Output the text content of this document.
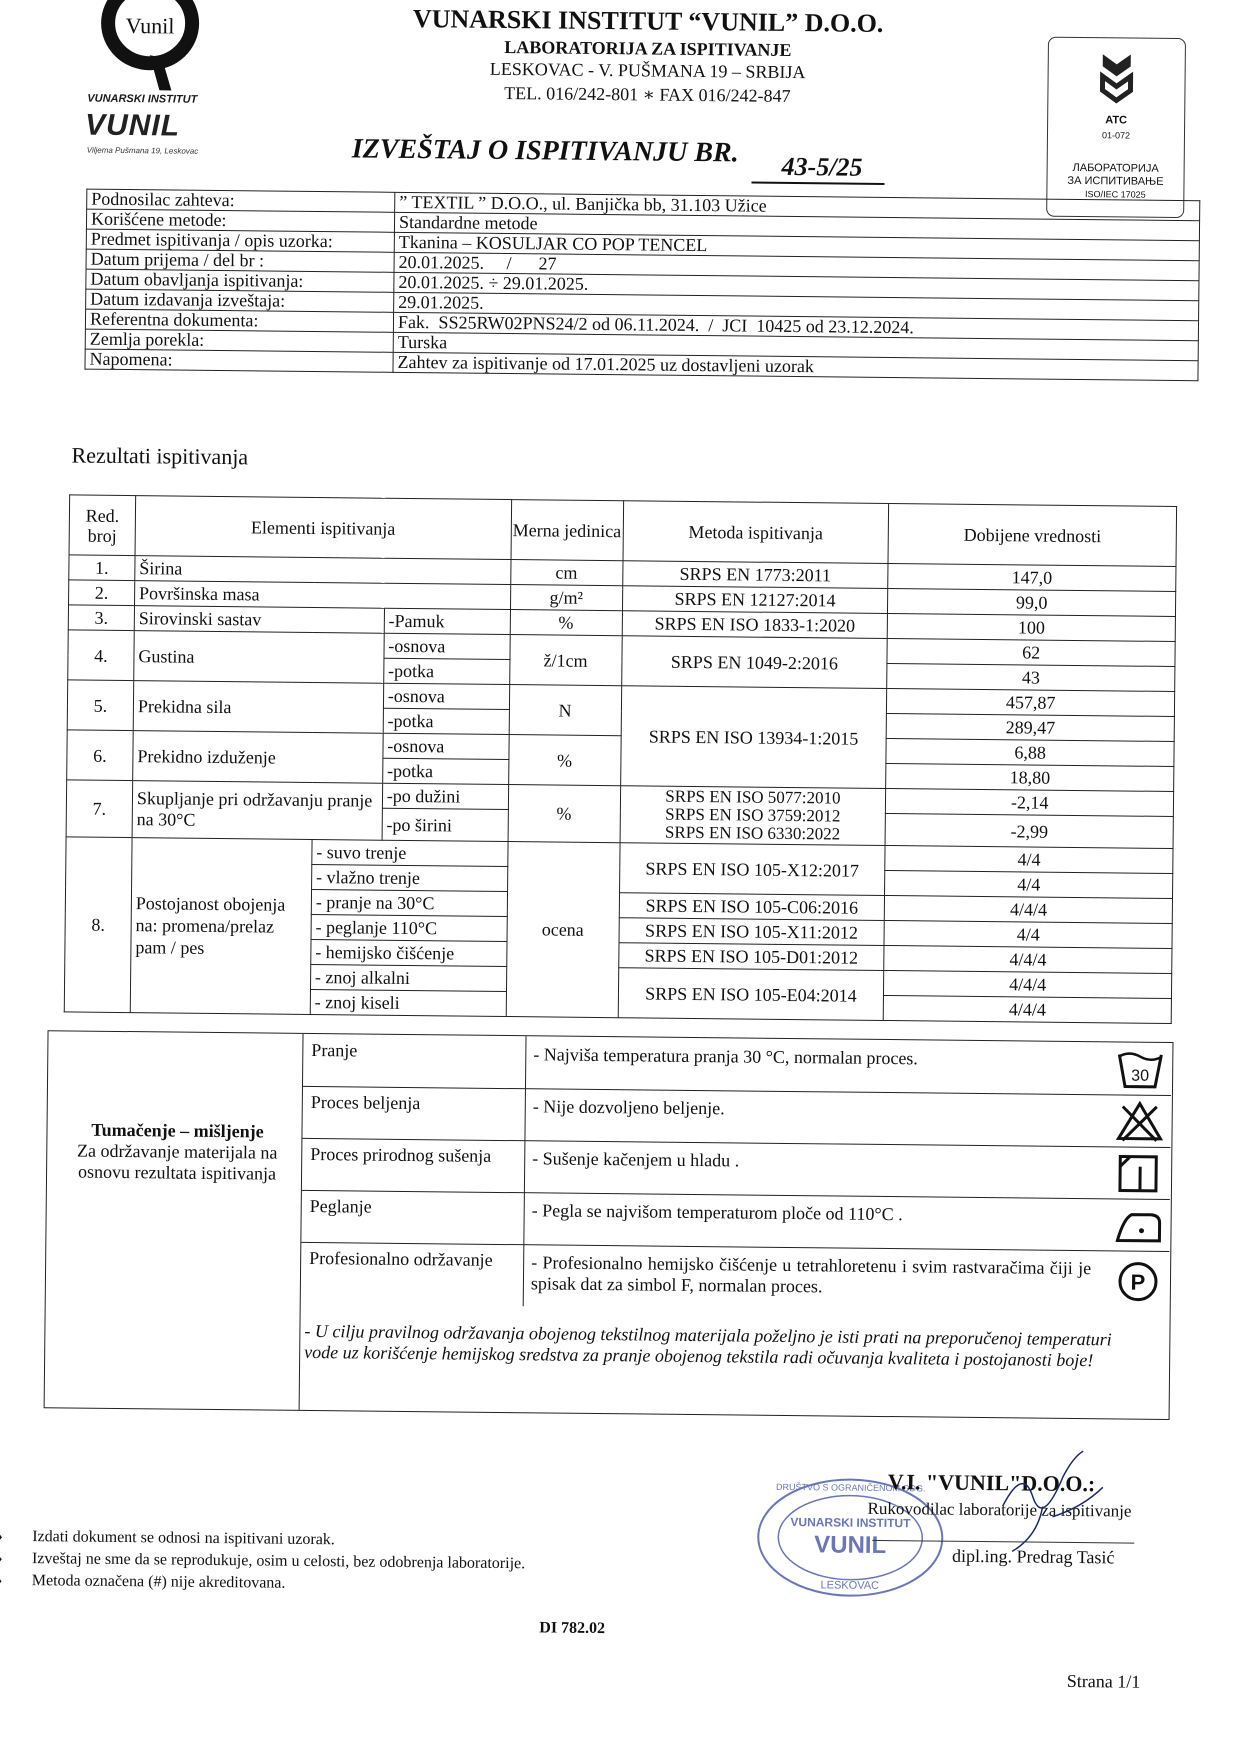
Vunil
VUNARSKI INSTITUT
VUNIL
Viljema Pušmana 19, Leskovac
VUNARSKI INSTITUT “VUNIL” D.O.O.
LABORATORIJA ZA ISPITIVANJE
LESKOVAC - V. PUŠMANA 19 – SRBIJA
TEL. 016/242-801 ∗ FAX 016/242-847
IZVEŠTAJ O ISPITIVANJU BR.	43-5/25
ATC
01-072
ЛАБОРАТОРИЈА
ЗА ИСПИТИВАЊЕ
ISO/IEC 17025
Podnosilac zahteva:	” TEXTIL ” D.O.O., ul. Banjička bb, 31.103 Užice
Korišćene metode:	Standardne metode
Predmet ispitivanja / opis uzorka:	Tkanina – KOSULJAR CO POP TENCEL
Datum prijema / del br :	20.01.2025.     /      27
Datum obavljanja ispitivanja:	20.01.2025. ÷ 29.01.2025.
Datum izdavanja izveštaja:	29.01.2025.
Referentna dokumenta:	Fak.  SS25RW02PNS24/2 od 06.11.2024.  /  JCI  10425 od 23.12.2024.
Zemlja porekla:	Turska
Napomena:	Zahtev za ispitivanje od 17.01.2025 uz dostavljeni uzorak
Rezultati ispitivanja
Red. broj	Elementi ispitivanja			Merna jedinica	Metoda ispitivanja	Dobijene vrednosti
1.	Širina			cm	SRPS EN 1773:2011	147,0
2.	Površinska masa			g/m²	SRPS EN 12127:2014	99,0
3.	Sirovinski sastav		-Pamuk	%	SRPS EN ISO 1833-1:2020	100
4.	Gustina		-osnova	ž/1cm	SRPS EN 1049-2:2016	62
			-potka			43
5.	Prekidna sila		-osnova	N	SRPS EN ISO 13934-1:2015	457,87
			-potka			289,47
6.	Prekidno izduženje		-osnova	%		6,88
			-potka			18,80
7.	Skupljanje pri održavanju pranje na 30°C		-po dužini	%	SRPS EN ISO 5077:2010
SRPS EN ISO 3759:2012
SRPS EN ISO 6330:2022	-2,14
			-po širini			-2,99
8.	Postojanost obojenja na: promena/prelaz pam / pes	- suvo trenje		ocena	SRPS EN ISO 105-X12:2017	4/4
		- vlažno trenje				4/4
		- pranje na 30°C			SRPS EN ISO 105-C06:2016	4/4/4
		- peglanje 110°C			SRPS EN ISO 105-X11:2012	4/4
		- hemijsko čišćenje			SRPS EN ISO 105-D01:2012	4/4/4
		- znoj alkalni			SRPS EN ISO 105-E04:2014	4/4/4
		- znoj kiseli				4/4/4
Tumačenje – mišljenje
Za održavanje materijala na osnovu rezultata ispitivanja
Pranje	- Najviša temperatura pranja 30 °C, normalan proces.
30
Proces beljenja	- Nije dozvoljeno beljenje.
Proces prirodnog sušenja	- Sušenje kačenjem u hladu .
Peglanje	- Pegla se najvišom temperaturom ploče od 110°C .
Profesionalno održavanje	- Profesionalno hemijsko čišćenje u tetrahloretenu i svim rastvaračima čiji je spisak dat za simbol F, normalan proces.	P
- U cilju pravilnog održavanja obojenog tekstilnog materijala poželjno je isti prati na preporučenoj temperaturi vode uz korišćenje hemijskog sredstva za pranje obojenog tekstila radi očuvanja kvaliteta i postojanosti boje!
DRUŠTVO S OGRANIČENOM ODG.
VUNARSKI INSTITUT
VUNIL
LESKOVAC
V.I. "VUNIL"D.O.O.:
Rukovodilac laboratorije za ispitivanje
dipl.ing. Predrag Tasić
♦ Izdati dokument se odnosi na ispitivani uzorak.
♦ Izveštaj ne sme da se reprodukuje, osim u celosti, bez odobrenja laboratorije.
♦ Metoda označena (#) nije akreditovana.
DI 782.02
Strana 1/1
